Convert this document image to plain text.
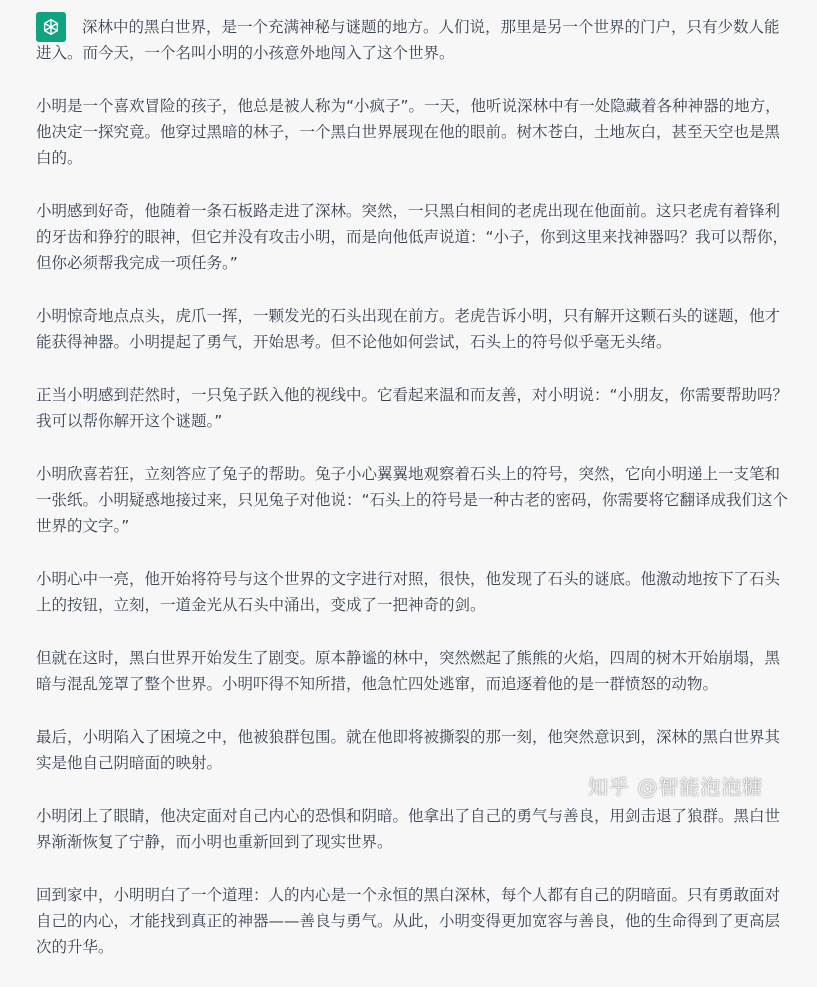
深林中的黑白世界，是一个充满神秘与谜题的地方。人们说，那里是另一个世界的门户，只有少数人能进入。而今天，一个名叫小明的小孩意外地闯入了这个世界。

小明是一个喜欢冒险的孩子，他总是被人称为“小疯子”。一天，他听说深林中有一处隐藏着各种神器的地方，他决定一探究竟。他穿过黑暗的林子，一个黑白世界展现在他的眼前。树木苍白，土地灰白，甚至天空也是黑白的。

小明感到好奇，他随着一条石板路走进了深林。突然，一只黑白相间的老虎出现在他面前。这只老虎有着锋利的牙齿和狰狞的眼神，但它并没有攻击小明，而是向他低声说道：“小子，你到这里来找神器吗？我可以帮你，但你必须帮我完成一项任务。”

小明惊奇地点点头，虎爪一挥，一颗发光的石头出现在前方。老虎告诉小明，只有解开这颗石头的谜题，他才能获得神器。小明提起了勇气，开始思考。但不论他如何尝试，石头上的符号似乎毫无头绪。

正当小明感到茫然时，一只兔子跃入他的视线中。它看起来温和而友善，对小明说：“小朋友，你需要帮助吗？我可以帮你解开这个谜题。”

小明欣喜若狂，立刻答应了兔子的帮助。兔子小心翼翼地观察着石头上的符号，突然，它向小明递上一支笔和一张纸。小明疑惑地接过来，只见兔子对他说：“石头上的符号是一种古老的密码，你需要将它翻译成我们这个世界的文字。”

小明心中一亮，他开始将符号与这个世界的文字进行对照，很快，他发现了石头的谜底。他激动地按下了石头上的按钮，立刻，一道金光从石头中涌出，变成了一把神奇的剑。

但就在这时，黑白世界开始发生了剧变。原本静谧的林中，突然燃起了熊熊的火焰，四周的树木开始崩塌，黑暗与混乱笼罩了整个世界。小明吓得不知所措，他急忙四处逃窜，而追逐着他的是一群愤怒的动物。

最后，小明陷入了困境之中，他被狼群包围。就在他即将被撕裂的那一刻，他突然意识到，深林的黑白世界其实是他自己阴暗面的映射。

小明闭上了眼睛，他决定面对自己内心的恐惧和阴暗。他拿出了自己的勇气与善良，用剑击退了狼群。黑白世界渐渐恢复了宁静，而小明也重新回到了现实世界。

回到家中，小明明白了一个道理：人的内心是一个永恒的黑白深林，每个人都有自己的阴暗面。只有勇敢面对自己的内心，才能找到真正的神器——善良与勇气。从此，小明变得更加宽容与善良，他的生命得到了更高层次的升华。

知乎 @智能泡泡糖
